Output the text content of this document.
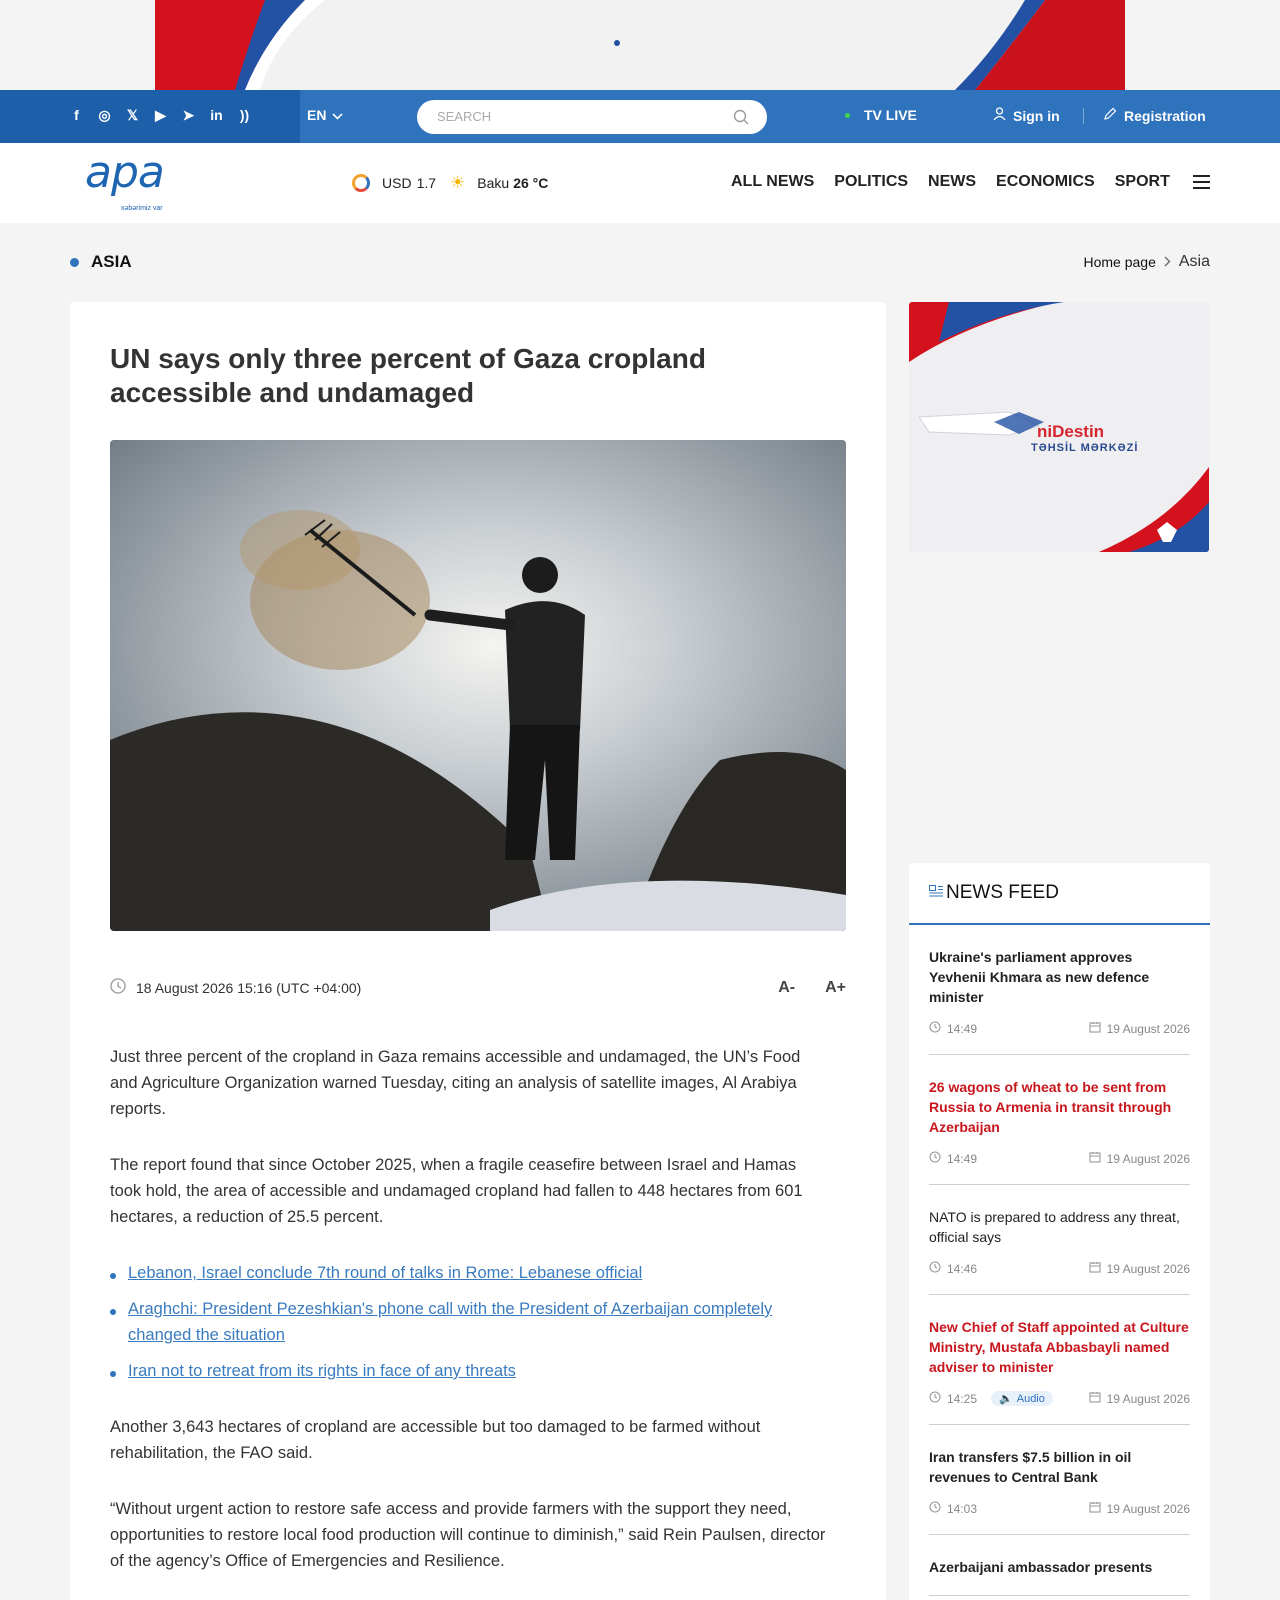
f	◎ 𝕏 ▶ ➤ in ))	EN
SEARCH	TV LIVE	Sign in	Registration
apa
xəbərimiz var
USD 1.7 ☀ Baku 26 °C	ALL NEWS POLITICS NEWS ECONOMICS SPORT
ASIA	Home page Asia
UN says only three percent of Gaza cropland accessible and undamaged
18 August 2026 15:16 (UTC +04:00)	A- A+

Just three percent of the cropland in Gaza remains accessible and undamaged, the UN’s Food and Agriculture Organization warned Tuesday, citing an analysis of satellite images, Al Arabiya reports.

The report found that since October 2025, when a fragile ceasefire between Israel and Hamas took hold, the area of accessible and undamaged cropland had fallen to 448 hectares from 601 hectares, a reduction of 25.5 percent.

Lebanon, Israel conclude 7th round of talks in Rome: Lebanese official
Araghchi: President Pezeshkian's phone call with the President of Azerbaijan completely changed the situation
Iran not to retreat from its rights in face of any threats

Another 3,643 hectares of cropland are accessible but too damaged to be farmed without rehabilitation, the FAO said.

“Without urgent action to restore safe access and provide farmers with the support they need, opportunities to restore local food production will continue to diminish,” said Rein Paulsen, director of the agency’s Office of Emergencies and Resilience.

niDestin
TƏHSİL MƏRKƏZİ
NEWS FEED
Ukraine's parliament approves Yevhenii Khmara as new defence minister
14:49	19 August 2026
26 wagons of wheat to be sent from Russia to Armenia in transit through Azerbaijan
14:49	19 August 2026
NATO is prepared to address any threat, official says
14:46	19 August 2026
New Chief of Staff appointed at Culture Ministry, Mustafa Abbasbayli named adviser to minister
14:25 🔈 Audio	19 August 2026
Iran transfers $7.5 billion in oil revenues to Central Bank
14:03	19 August 2026
Azerbaijani ambassador presents
